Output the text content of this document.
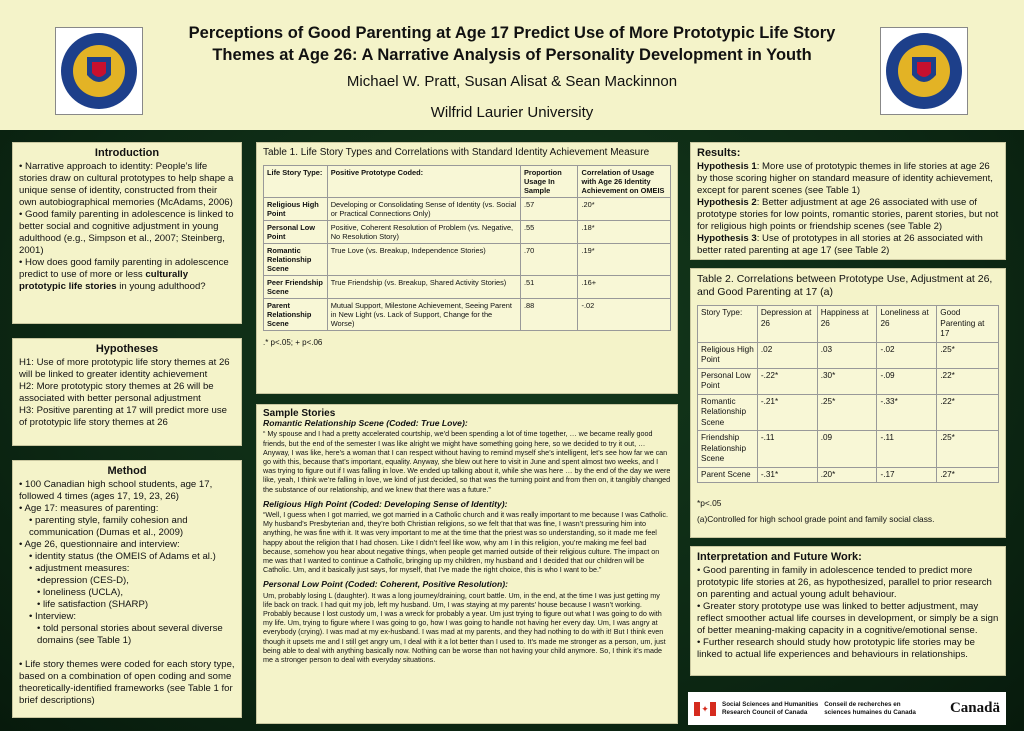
Perceptions of Good Parenting at Age 17 Predict Use of More Prototypic Life Story
Themes at Age 26: A Narrative Analysis of Personality Development in Youth
Michael W. Pratt, Susan Alisat & Sean Mackinnon
Wilfrid Laurier University
Introduction

• Narrative approach to identity: People’s life stories draw on cultural prototypes to help shape a unique sense of identity, constructed from their own autobiographical memories (McAdams, 2006)

• Good family parenting in adolescence is linked to better social and cognitive adjustment in young adulthood (e.g., Simpson et al., 2007; Steinberg, 2001)

• How does good family parenting in adolescence predict to use of more or less culturally prototypic life stories in young adulthood?

Hypotheses

H1: Use of more prototypic life story themes at 26 will be linked to greater identity achievement

H2: More prototypic story themes at 26 will be associated with better personal adjustment

H3: Positive parenting at 17 will predict more use of prototypic life story themes at 26

Method

• 100 Canadian high school students, age 17, followed 4 times (ages 17, 19, 23, 26)

• Age 17: measures of parenting:

• parenting style, family cohesion and communication (Dumas et al., 2009)

• Age 26, questionnaire and interview:

• identity status (the OMEIS of Adams et al.)

• adjustment measures:

•depression (CES-D),

• loneliness (UCLA),

• life satisfaction (SHARP)

• Interview:

• told personal stories about several diverse domains (see Table 1)

• Life story themes were coded for each story type, based on a combination of open coding and some theoretically-identified frameworks (see Table 1 for brief descriptions)

Table 1. Life Story Types and Correlations with Standard Identity Achievement Measure
Life Story Type:	Positive Prototype Coded:	Proportion Usage In Sample	Correlation of Usage with Age 26 Identity Achievement on OMEIS
Religious High Point	Developing or Consolidating Sense of Identity (vs. Social or Practical Connections Only)	.57	.20*
Personal Low Point	Positive, Coherent Resolution of Problem (vs. Negative, No Resolution Story)	.55	.18*
Romantic Relationship Scene	True Love (vs. Breakup, Independence Stories)	.70	.19*
Peer Friendship Scene	True Friendship (vs. Breakup, Shared Activity Stories)	.51	.16+
Parent Relationship Scene	Mutual Support, Milestone Achievement, Seeing Parent in New Light (vs. Lack of Support, Change for the Worse)	.88	-.02
.* p<.05; + p<.06
Sample Stories
Romantic Relationship Scene (Coded: True Love):

“ My spouse and I had a pretty accelerated courtship, we’d been spending a lot of time together, … we became really good friends, but the end of the semester I was like alright we might have something going here, so we decided to try it out, …Anyway, I was like, here’s a woman that I can respect without having to remind myself she’s intelligent, let’s see how far we can go with this, because that’s important, equality. Anyway, she blew out here to visit in June and spent almost two weeks, and I was trying to figure out if I was falling in love. We ended up talking about it, while she was here … by the end of the day we were like, yeah, I think we’re falling in love, we kind of just decided, so that was the turning point and from then on, it tangibly changed the substance of our relationship, and we knew that there was a future.”

Religious High Point (Coded: Developing Sense of Identity):

“Well, I guess when I got married, we got married in a Catholic church and it was really important to me because I was Catholic. My husband’s Presbyterian and, they’re both Christian religions, so we felt that that was fine, I wasn’t pressuring him into anything, he was fine with it. It was very important to me at the time that the priest was so understanding, so it made me feel happy about the religion that I had chosen. Like I didn’t feel like wow, why am I in this religion, you’re making me feel bad because, somehow you hear about negative things, when people get married outside of their religious culture. The impact on me was that I wanted to continue a Catholic, bringing up my children, my husband and I decided that our children will be Catholic. Um, and it basically just says, for myself, that I’ve made the right choice, this is who I want to be.”

Personal Low Point (Coded: Coherent, Positive Resolution):

Um, probably losing L (daughter). It was a long journey/draining, court battle. Um, in the end, at the time I was just getting my life back on track. I had quit my job, left my husband. Um, I was staying at my parents’ house because I wasn’t working. Probably because I lost custody um, I was a wreck for probably a year. Um just trying to figure out what I was going to do with my life. Um, trying to figure where I was going to go, how I was going to handle not having her every day. Um, I was angry at everybody (crying). I was mad at my ex-husband. I was mad at my parents, and they had nothing to do with it! But I think even though it upsets me and I still get angry um, I deal with it a lot better than I used to. It’s made me stronger as a person, um, just being able to deal with anything basically now. Nothing can be worse than not having your child anymore. So, I think it’s made me a stronger person to deal with everyday situations.

Results:

Hypothesis 1: More use of prototypic themes in life stories at age 26 by those scoring higher on standard measure of identity achievement, except for parent scenes (see Table 1)

Hypothesis 2: Better adjustment at age 26 associated with use of prototype stories for low points, romantic stories, parent stories, but not for religious high points or friendship scenes (see Table 2)

Hypothesis 3: Use of prototypes in all stories at 26 associated with better rated parenting at age 17 (see Table 2)

Table 2. Correlations between Prototype Use, Adjustment at 26, and Good Parenting at 17 (a)
Story Type:	Depression at 26	Happiness at 26	Loneliness at 26	Good Parenting at 17
Religious High Point	.02	.03	-.02	.25*
Personal Low Point	-.22*	.30*	-.09	.22*
Romantic Relationship Scene	-.21*	.25*	-.33*	.22*
Friendship Relationship Scene	-.11	.09	-.11	.25*
Parent Scene	-.31*	.20*	-.17	.27*
*p<.05
(a)Controlled for high school grade point and family social class.
Interpretation and Future Work:

• Good parenting in family in adolescence tended to predict more prototypic life stories at 26, as hypothesized, parallel to prior research on parenting and actual young adult behaviour.

• Greater story prototype use was linked to better adjustment, may reflect smoother actual life courses in development, or simply be a sign of better meaning-making capacity in a cognitive/emotional sense.

• Further research should study how prototypic life stories may be linked to actual life experiences and behaviours in relationships.

✦ Social Sciences and Humanities
Research Council of Canada
Conseil de recherches en
sciences humaines du Canada Canadä
